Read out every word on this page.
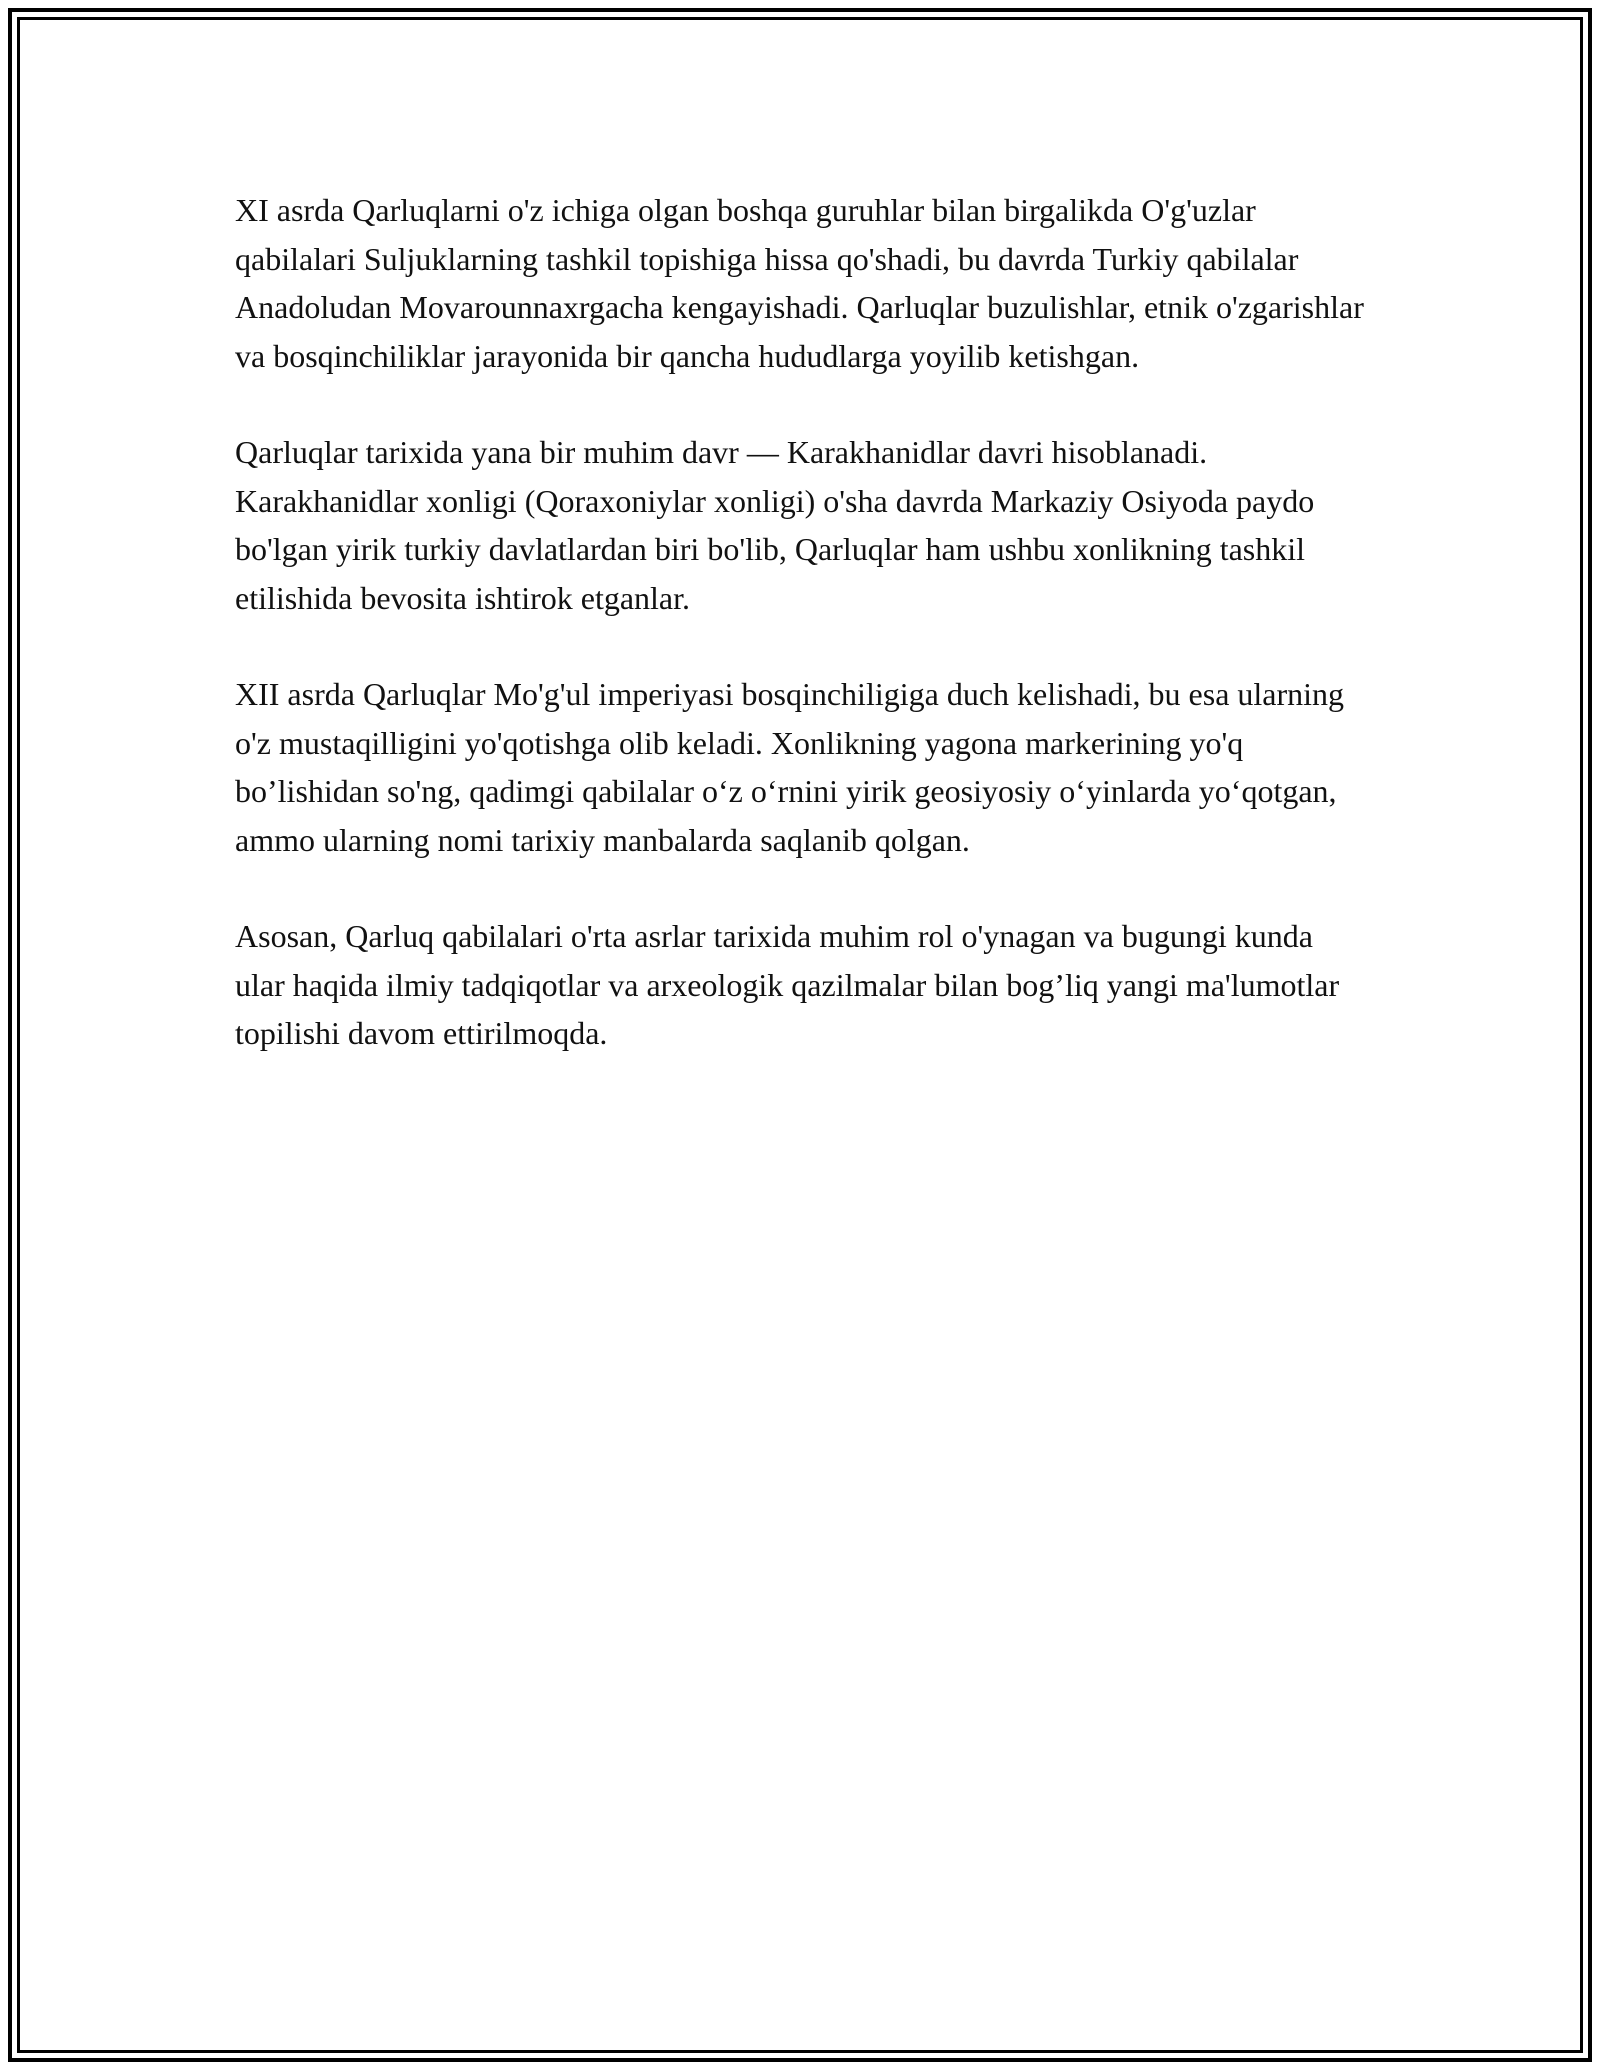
XI asrda Qarluqlarni o'z ichiga olgan boshqa guruhlar bilan birgalikda O'g'uzlar qabilalari Suljuklarning tashkil topishiga hissa qo'shadi, bu davrda Turkiy qabilalar Anadoludan Movarounnaxrgacha kengayishadi. Qarluqlar buzulishlar, etnik o'zgarishlar va bosqinchiliklar jarayonida bir qancha hududlarga yoyilib ketishgan.

Qarluqlar tarixida yana bir muhim davr — Karakhanidlar davri hisoblanadi. Karakhanidlar xonligi (Qoraxoniylar xonligi) o'sha davrda Markaziy Osiyoda paydo bo'lgan yirik turkiy davlatlardan biri bo'lib, Qarluqlar ham ushbu xonlikning tashkil etilishida bevosita ishtirok etganlar.

XII asrda Qarluqlar Mo'g'ul imperiyasi bosqinchiligiga duch kelishadi, bu esa ularning o'z mustaqilligini yo'qotishga olib keladi. Xonlikning yagona markerining yo'q bo’lishidan so'ng, qadimgi qabilalar o‘z o‘rnini yirik geosiyosiy o‘yinlarda yo‘qotgan, ammo ularning nomi tarixiy manbalarda saqlanib qolgan.

Asosan, Qarluq qabilalari o'rta asrlar tarixida muhim rol o'ynagan va bugungi kunda ular haqida ilmiy tadqiqotlar va arxeologik qazilmalar bilan bog’liq yangi ma'lumotlar topilishi davom ettirilmoqda.
